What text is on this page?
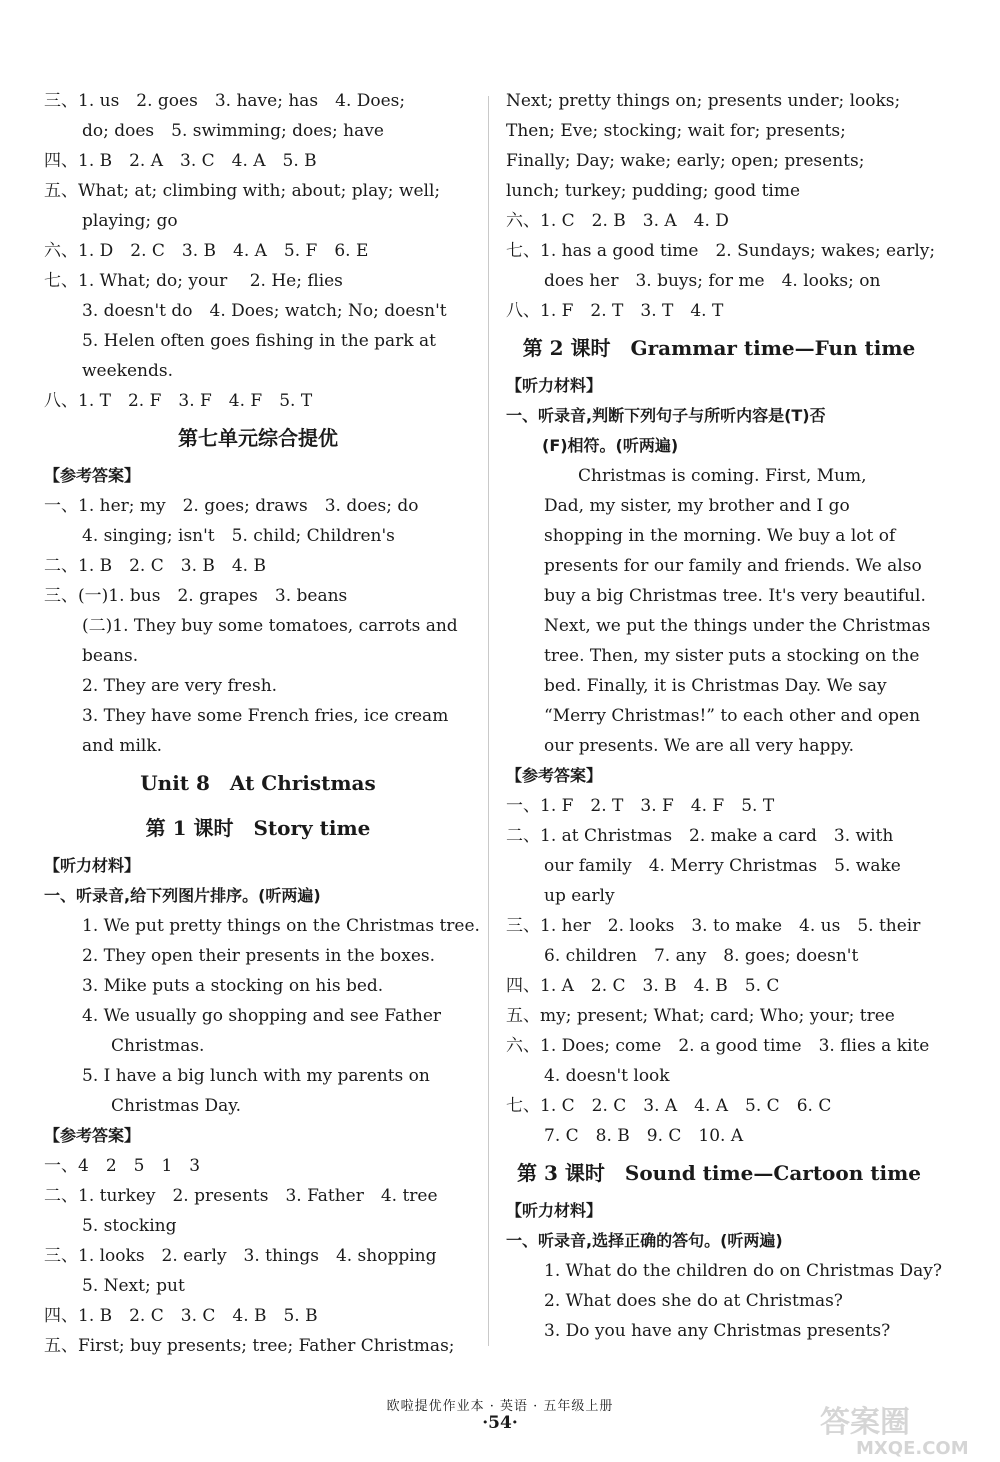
三、1. us　2. goes　3. have; has　4. Does;
do; does　5. swimming; does; have
四、1. B　2. A　3. C　4. A　5. B
五、What; at; climbing with; about; play; well;
playing; go
六、1. D　2. C　3. B　4. A　5. F　6. E
七、1. What; do; your　 2. He; flies
3. doesn't do　4. Does; watch; No; doesn't
5. Helen often goes fishing in the park at
weekends.
八、1. T　2. F　3. F　4. F　5. T
第七单元综合提优
【参考答案】
一、1. her; my　2. goes; draws　3. does; do
4. singing; isn't　5. child; Children's
二、1. B　2. C　3. B　4. B
三、(一)1. bus　2. grapes　3. beans
(二)1. They buy some tomatoes, carrots and
beans.
2. They are very fresh.
3. They have some French fries, ice cream
and milk.
Unit 8　At Christmas
第 1 课时　Story time
【听力材料】
一、听录音,给下列图片排序。(听两遍)
1. We put pretty things on the Christmas tree.
2. They open their presents in the boxes.
3. Mike puts a stocking on his bed.
4. We usually go shopping and see Father
Christmas.
5. I have a big lunch with my parents on
Christmas Day.
【参考答案】
一、4　2　5　1　3
二、1. turkey　2. presents　3. Father　4. tree
5. stocking
三、1. looks　2. early　3. things　4. shopping
5. Next; put
四、1. B　2. C　3. C　4. B　5. B
五、First; buy presents; tree; Father Christmas;
Next; pretty things on; presents under; looks;
Then; Eve; stocking; wait for; presents;
Finally; Day; wake; early; open; presents;
lunch; turkey; pudding; good time
六、1. C　2. B　3. A　4. D
七、1. has a good time　2. Sundays; wakes; early;
does her　3. buys; for me　4. looks; on
八、1. F　2. T　3. T　4. T
第 2 课时　Grammar time—Fun time
【听力材料】
一、听录音,判断下列句子与所听内容是(T)否
(F)相符。(听两遍)
Christmas is coming. First, Mum,
Dad, my sister, my brother and I go
shopping in the morning. We buy a lot of
presents for our family and friends. We also
buy a big Christmas tree. It's very beautiful.
Next, we put the things under the Christmas
tree. Then, my sister puts a stocking on the
bed. Finally, it is Christmas Day. We say
“Merry Christmas!” to each other and open
our presents. We are all very happy.
【参考答案】
一、1. F　2. T　3. F　4. F　5. T
二、1. at Christmas　2. make a card　3. with
our family　4. Merry Christmas　5. wake
up early
三、1. her　2. looks　3. to make　4. us　5. their
6. children　7. any　8. goes; doesn't
四、1. A　2. C　3. B　4. B　5. C
五、my; present; What; card; Who; your; tree
六、1. Does; come　2. a good time　3. flies a kite
4. doesn't look
七、1. C　2. C　3. A　4. A　5. C　6. C
7. C　8. B　9. C　10. A
第 3 课时　Sound time—Cartoon time
【听力材料】
一、听录音,选择正确的答句。(听两遍)
1. What do the children do on Christmas Day?
2. What does she do at Christmas?
3. Do you have any Christmas presents?
欧啦提优作业本 · 英语 · 五年级上册
·54·	答案圈
MXQE.COM
